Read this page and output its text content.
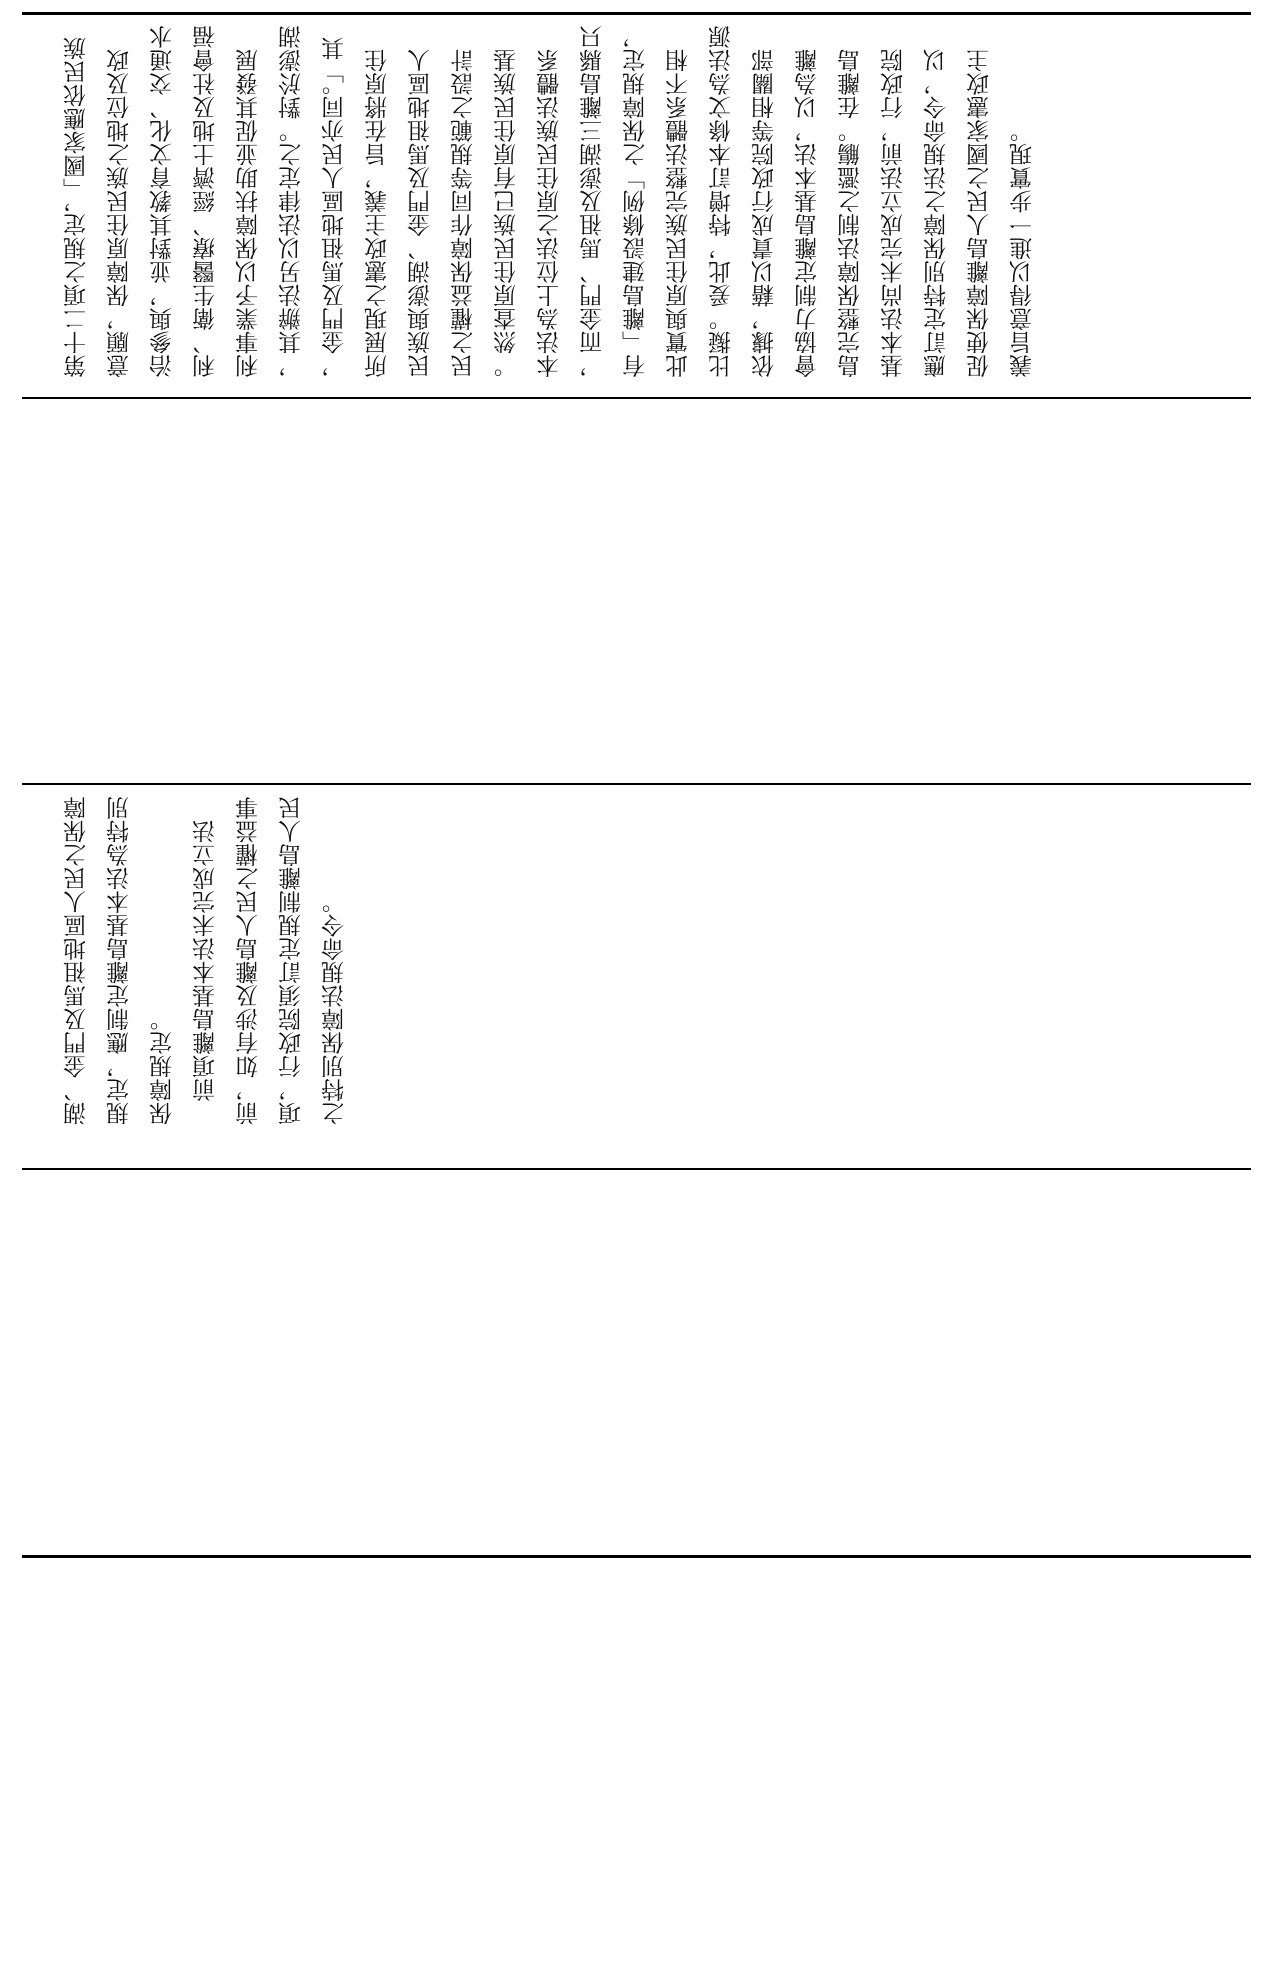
第十二項之規定，「國家應依民族 意願，保障原住民族之地位及政 治參與，並對其教育文化、交通水 利、衛生醫療、經濟土地及社會福 利事業予以保障扶助並促其發展 ，其辦法另以法律定之。對於澎湖 ，金門及馬祖地區人民亦同。」其 所展現之憲政主義，旨在將原住 民族與澎湖、金門及馬祖地區人 民之權益保障作同等規範之設計 。然查原住民族已有原住民族基 本法為上位法之原住民族法體系 ，而金門、馬祖及澎湖三離島縣只 有「離島建設條例」之保障規定， 此實與原住民族完整法體系不相 比擬。爰此，特增訂本條文為法源 依據，藉以責成行政院等相關部 會協力制定離島基本法，以為離 島完整保障法制之濫觴。在離島 基本法尚未完成立法前，行政院 應訂定特別保障之法規命令，以 促使保障離島人民之國家憲政主 義旨意得以進一步實現。
湖、金門及馬祖地區人民之保障 規定，應制定離島基本法為特別 保障規定。 　前項離島基本法未完成立法 前，如有涉及離島人民之權益事 項，行政院須訂定規制離島人民 之特別保障法規命令。
